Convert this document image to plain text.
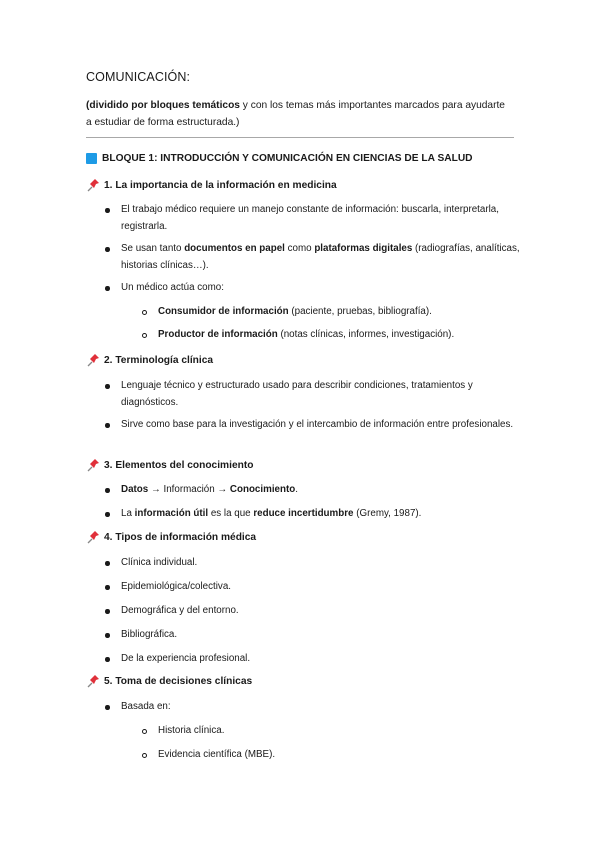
COMUNICACIÓN:
(dividido por bloques temáticos y con los temas más importantes marcados para ayudarte a estudiar de forma estructurada.)
BLOQUE 1: INTRODUCCIÓN Y COMUNICACIÓN EN CIENCIAS DE LA SALUD
1. La importancia de la información en medicina
El trabajo médico requiere un manejo constante de información: buscarla, interpretarla, registrarla.
Se usan tanto documentos en papel como plataformas digitales (radiografías, analíticas, historias clínicas…).
Un médico actúa como:
Consumidor de información (paciente, pruebas, bibliografía).
Productor de información (notas clínicas, informes, investigación).
2. Terminología clínica
Lenguaje técnico y estructurado usado para describir condiciones, tratamientos y diagnósticos.
Sirve como base para la investigación y el intercambio de información entre profesionales.
3. Elementos del conocimiento
Datos → Información → Conocimiento.
La información útil es la que reduce incertidumbre (Gremy, 1987).
4. Tipos de información médica
Clínica individual.
Epidemiológica/colectiva.
Demográfica y del entorno.
Bibliográfica.
De la experiencia profesional.
5. Toma de decisiones clínicas
Basada en:
Historia clínica.
Evidencia científica (MBE).
